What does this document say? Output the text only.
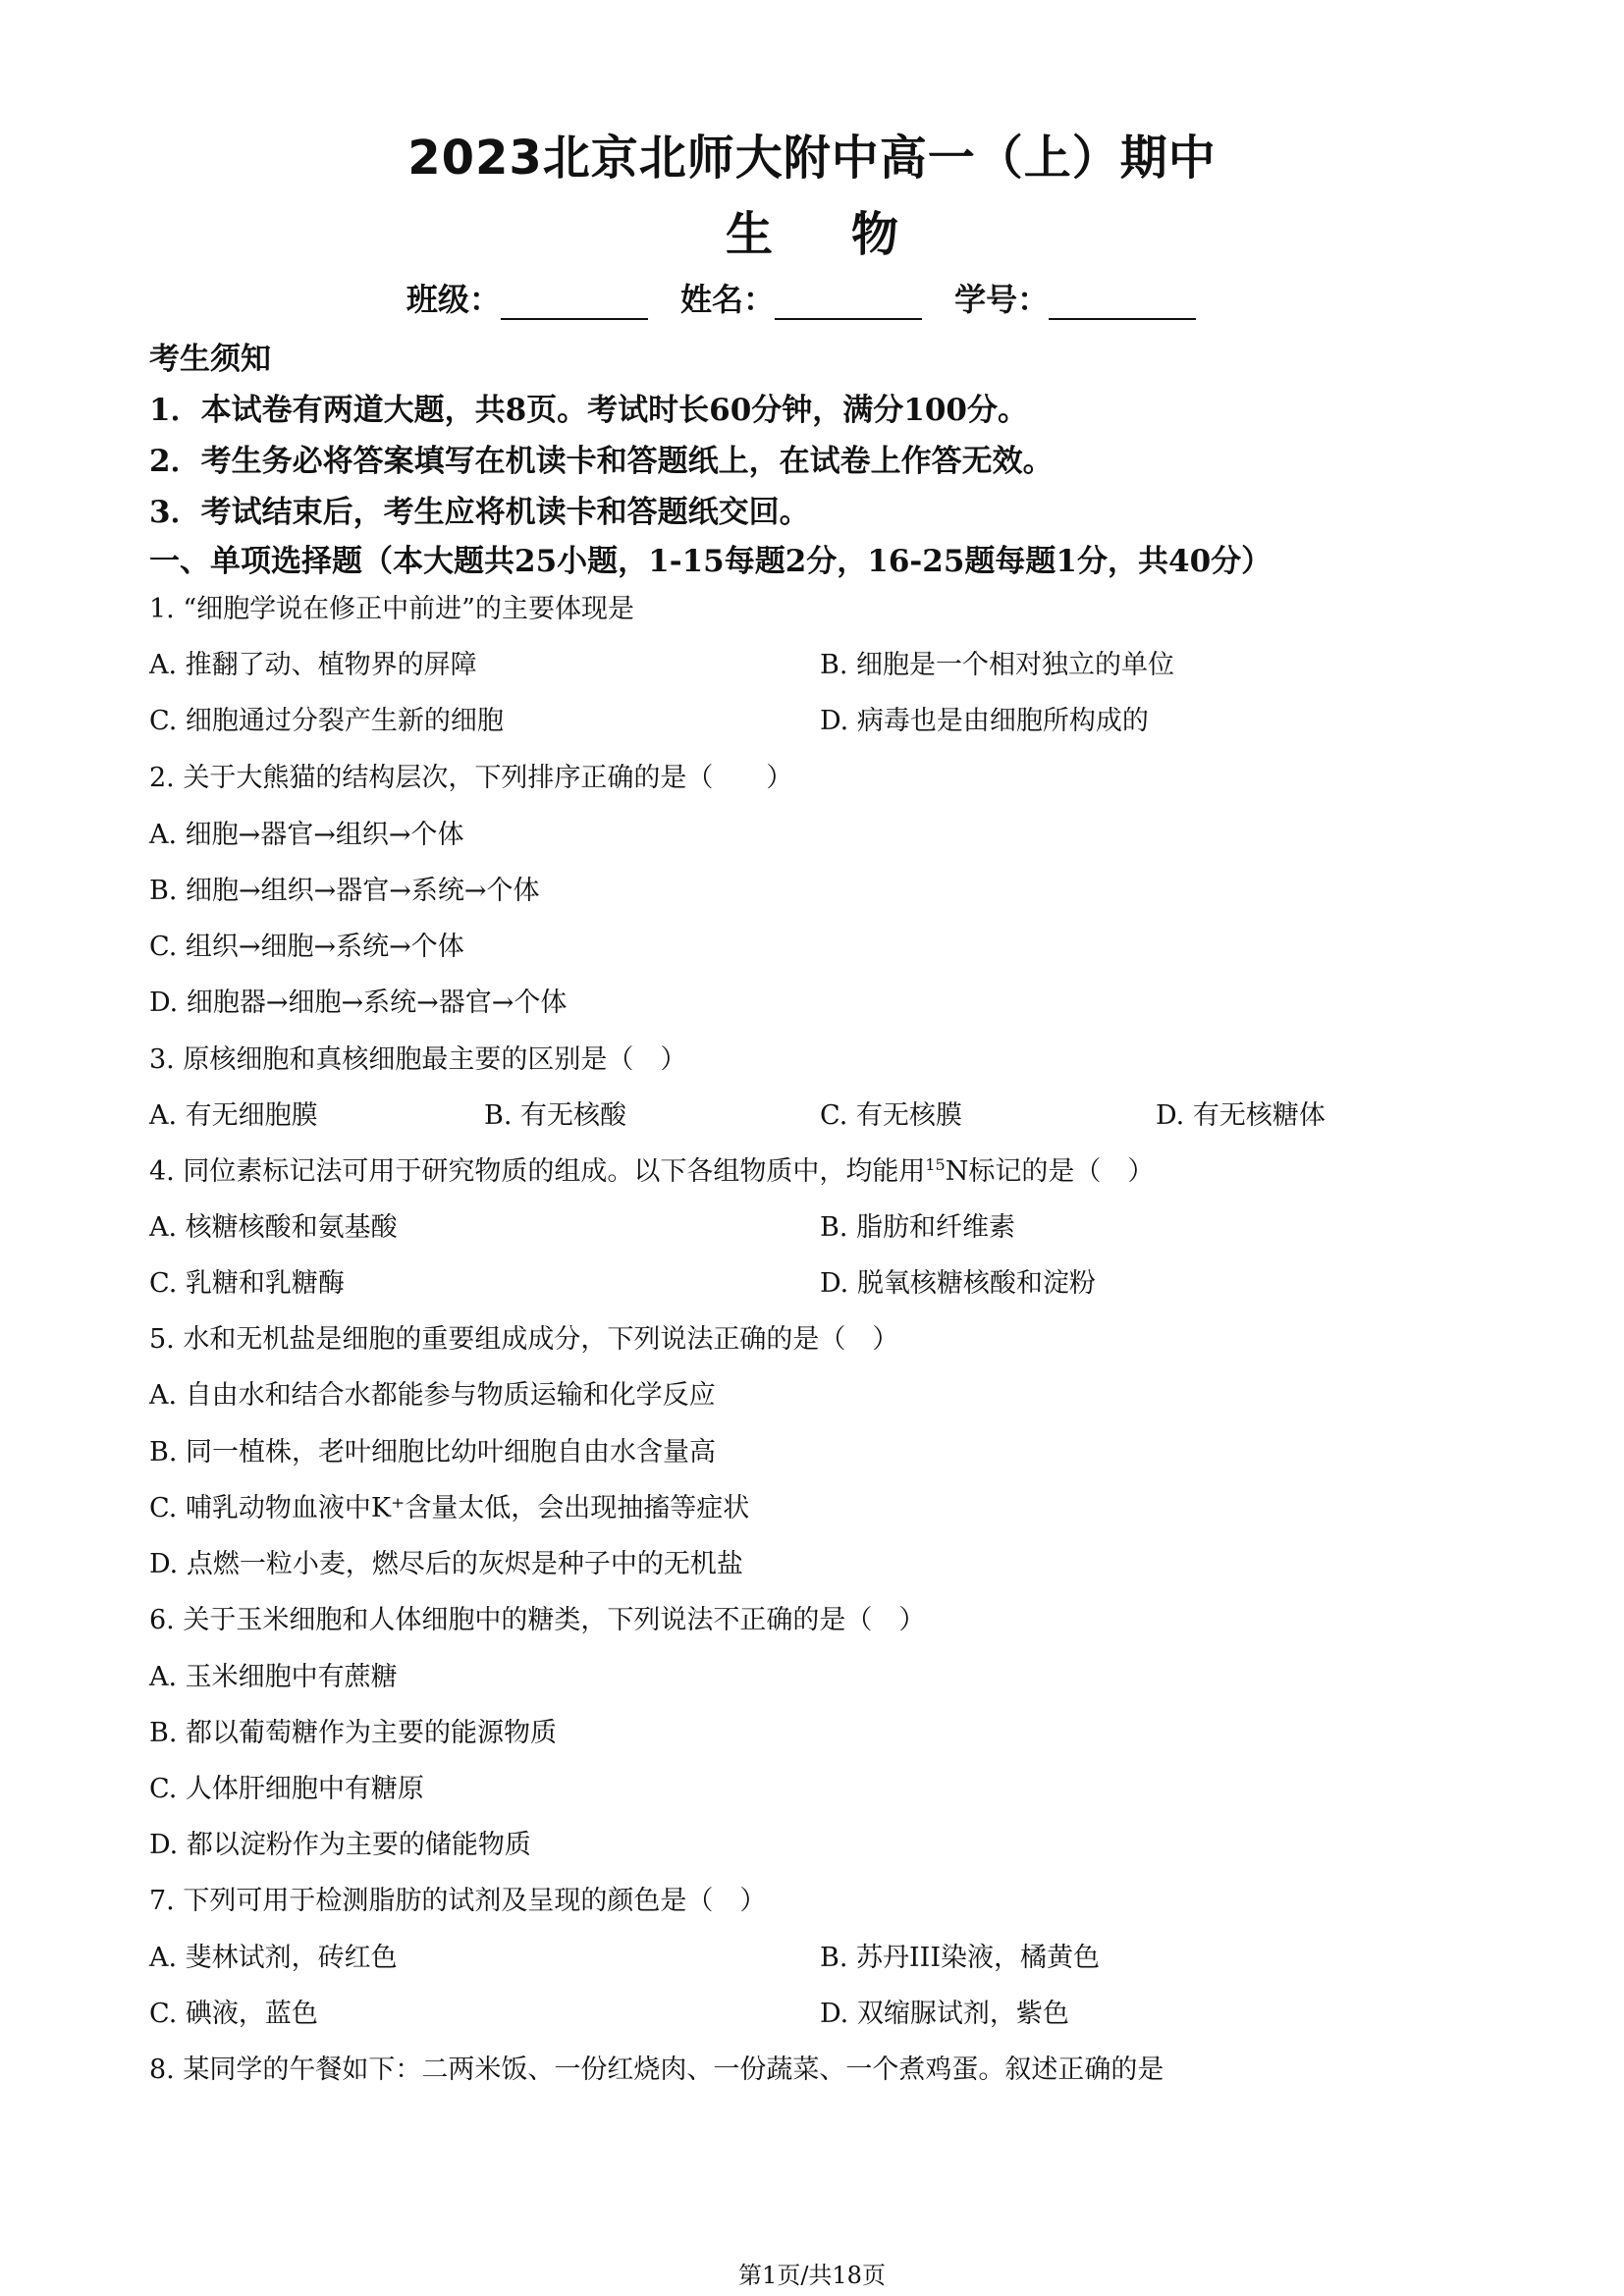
2023北京北师大附中高一（上）期中
生物
班级：	姓名：	学号：
考生须知
1．本试卷有两道大题，共8页。考试时长60分钟，满分100分。
2．考生务必将答案填写在机读卡和答题纸上，在试卷上作答无效。
3．考试结束后，考生应将机读卡和答题纸交回。
一、单项选择题（本大题共25小题，1-15每题2分，16-25题每题1分，共40分）
1. “细胞学说在修正中前进”的主要体现是
A. 推翻了动、植物界的屏障	B. 细胞是一个相对独立的单位
C. 细胞通过分裂产生新的细胞	D. 病毒也是由细胞所构成的
2. 关于大熊猫的结构层次，下列排序正确的是（　　）
A. 细胞→器官→组织→个体
B. 细胞→组织→器官→系统→个体
C. 组织→细胞→系统→个体
D. 细胞器→细胞→系统→器官→个体
3. 原核细胞和真核细胞最主要的区别是（　）
A. 有无细胞膜	B. 有无核酸	C. 有无核膜	D. 有无核糖体
4. 同位素标记法可用于研究物质的组成。以下各组物质中，均能用$^{15}$N标记的是（　）
A. 核糖核酸和氨基酸	B. 脂肪和纤维素
C. 乳糖和乳糖酶	D. 脱氧核糖核酸和淀粉
5. 水和无机盐是细胞的重要组成成分，下列说法正确的是（　）
A. 自由水和结合水都能参与物质运输和化学反应
B. 同一植株，老叶细胞比幼叶细胞自由水含量高
C. 哺乳动物血液中K⁺含量太低，会出现抽搐等症状
D. 点燃一粒小麦，燃尽后的灰烬是种子中的无机盐
6. 关于玉米细胞和人体细胞中的糖类，下列说法不正确的是（　）
A. 玉米细胞中有蔗糖
B. 都以葡萄糖作为主要的能源物质
C. 人体肝细胞中有糖原
D. 都以淀粉作为主要的储能物质
7. 下列可用于检测脂肪的试剂及呈现的颜色是（　）
A. 斐林试剂，砖红色	B. 苏丹III染液，橘黄色
C. 碘液，蓝色	D. 双缩脲试剂，紫色
8. 某同学的午餐如下：二两米饭、一份红烧肉、一份蔬菜、一个煮鸡蛋。叙述正确的是
第1页/共18页
